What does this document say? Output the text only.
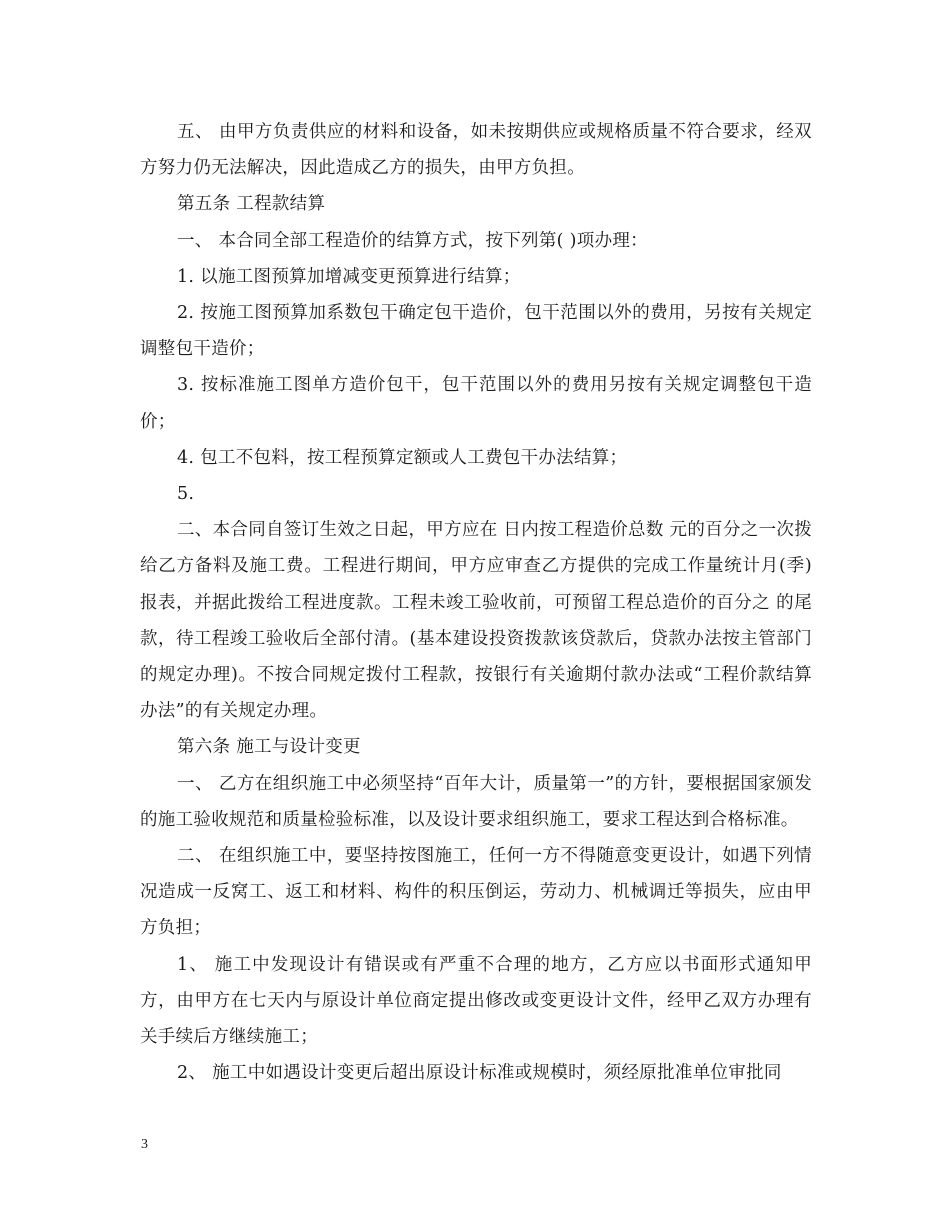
五、 由甲方负责供应的材料和设备，如未按期供应或规格质量不符合要求，经双方努力仍无法解决，因此造成乙方的损失，由甲方负担。

第五条 工程款结算

一、 本合同全部工程造价的结算方式，按下列第( )项办理：

1. 以施工图预算加增减变更预算进行结算；

2. 按施工图预算加系数包干确定包干造价，包干范围以外的费用，另按有关规定调整包干造价；

3. 按标准施工图单方造价包干，包干范围以外的费用另按有关规定调整包干造价；

4. 包工不包料，按工程预算定额或人工费包干办法结算；

5.

二、本合同自签订生效之日起，甲方应在 日内按工程造价总数 元的百分之一次拨给乙方备料及施工费。工程进行期间，甲方应审查乙方提供的完成工作量统计月(季)报表，并据此拨给工程进度款。工程未竣工验收前，可预留工程总造价的百分之 的尾款，待工程竣工验收后全部付清。(基本建设投资拨款该贷款后，贷款办法按主管部门的规定办理)。不按合同规定拨付工程款，按银行有关逾期付款办法或“工程价款结算办法”的有关规定办理。

第六条 施工与设计变更

一、 乙方在组织施工中必须坚持“百年大计，质量第一”的方针，要根据国家颁发的施工验收规范和质量检验标准，以及设计要求组织施工，要求工程达到合格标准。

二、 在组织施工中，要坚持按图施工，任何一方不得随意变更设计，如遇下列情况造成一反窝工、返工和材料、构件的积压倒运，劳动力、机械调迁等损失，应由甲方负担；

1、 施工中发现设计有错误或有严重不合理的地方，乙方应以书面形式通知甲方，由甲方在七天内与原设计单位商定提出修改或变更设计文件，经甲乙双方办理有关手续后方继续施工；

2、 施工中如遇设计变更后超出原设计标准或规模时，须经原批准单位审批同

3
